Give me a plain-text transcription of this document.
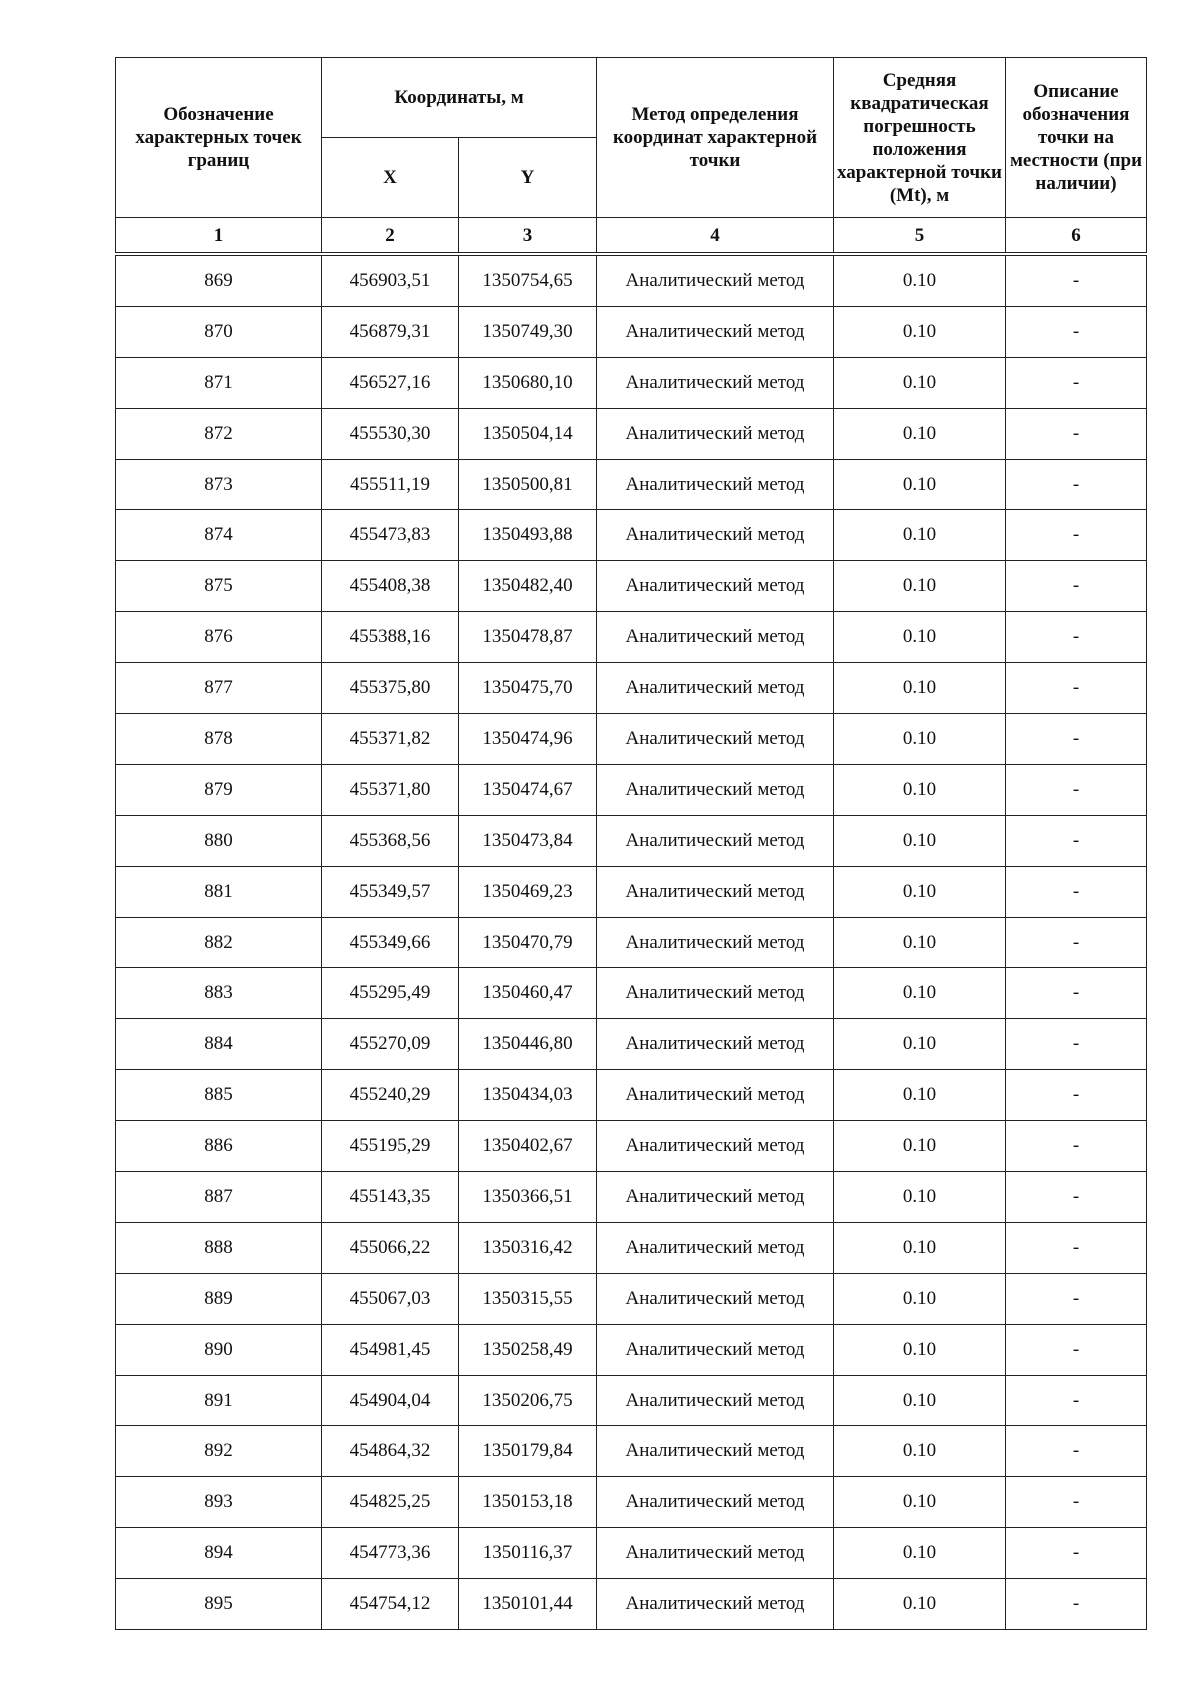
Обозначение характерных точек границ	Координаты, м		Метод определения координат характерной точки	Средняя квадратическая погрешность положения характерной точки (Mt), м	Описание обозначения точки на местности (при наличии)
	X	Y			
1	2	3	4	5	6
869	456903,51	1350754,65	Аналитический метод	0.10	-
870	456879,31	1350749,30	Аналитический метод	0.10	-
871	456527,16	1350680,10	Аналитический метод	0.10	-
872	455530,30	1350504,14	Аналитический метод	0.10	-
873	455511,19	1350500,81	Аналитический метод	0.10	-
874	455473,83	1350493,88	Аналитический метод	0.10	-
875	455408,38	1350482,40	Аналитический метод	0.10	-
876	455388,16	1350478,87	Аналитический метод	0.10	-
877	455375,80	1350475,70	Аналитический метод	0.10	-
878	455371,82	1350474,96	Аналитический метод	0.10	-
879	455371,80	1350474,67	Аналитический метод	0.10	-
880	455368,56	1350473,84	Аналитический метод	0.10	-
881	455349,57	1350469,23	Аналитический метод	0.10	-
882	455349,66	1350470,79	Аналитический метод	0.10	-
883	455295,49	1350460,47	Аналитический метод	0.10	-
884	455270,09	1350446,80	Аналитический метод	0.10	-
885	455240,29	1350434,03	Аналитический метод	0.10	-
886	455195,29	1350402,67	Аналитический метод	0.10	-
887	455143,35	1350366,51	Аналитический метод	0.10	-
888	455066,22	1350316,42	Аналитический метод	0.10	-
889	455067,03	1350315,55	Аналитический метод	0.10	-
890	454981,45	1350258,49	Аналитический метод	0.10	-
891	454904,04	1350206,75	Аналитический метод	0.10	-
892	454864,32	1350179,84	Аналитический метод	0.10	-
893	454825,25	1350153,18	Аналитический метод	0.10	-
894	454773,36	1350116,37	Аналитический метод	0.10	-
895	454754,12	1350101,44	Аналитический метод	0.10	-
